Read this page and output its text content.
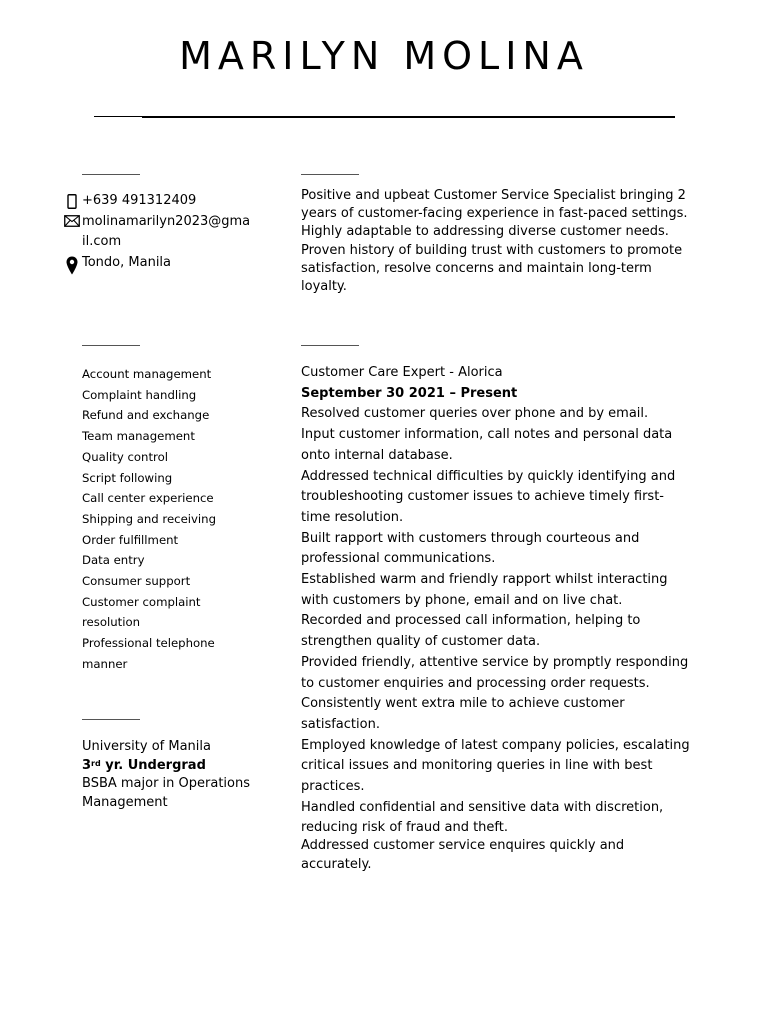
MARILYN MOLINA
+639 491312409
molinamarilyn2023@gmail.com
Tondo, Manila

Positive and upbeat Customer Service Specialist bringing 2 years of customer-facing experience in fast-paced settings. Highly adaptable to addressing diverse customer needs. Proven history of building trust with customers to promote satisfaction, resolve concerns and maintain long-term loyalty.

Account management
Complaint handling
Refund and exchange
Team management
Quality control
Script following
Call center experience
Shipping and receiving
Order fulfillment
Data entry
Consumer support
Customer complaint resolution
Professional telephone manner
University of Manila
3rd yr. Undergrad
BSBA major in Operations Management
Customer Care Expert - Alorica
September 30 2021 – Present
Resolved customer queries over phone and by email.
Input customer information, call notes and personal data onto internal database.
Addressed technical difficulties by quickly identifying and troubleshooting customer issues to achieve timely first-time resolution.
Built rapport with customers through courteous and professional communications.
Established warm and friendly rapport whilst interacting with customers by phone, email and on live chat.
Recorded and processed call information, helping to strengthen quality of customer data.
Provided friendly, attentive service by promptly responding to customer enquiries and processing order requests.
Consistently went extra mile to achieve customer satisfaction.
Employed knowledge of latest company policies, escalating critical issues and monitoring queries in line with best practices.
Handled confidential and sensitive data with discretion, reducing risk of fraud and theft.
Addressed customer service enquires quickly and accurately.
